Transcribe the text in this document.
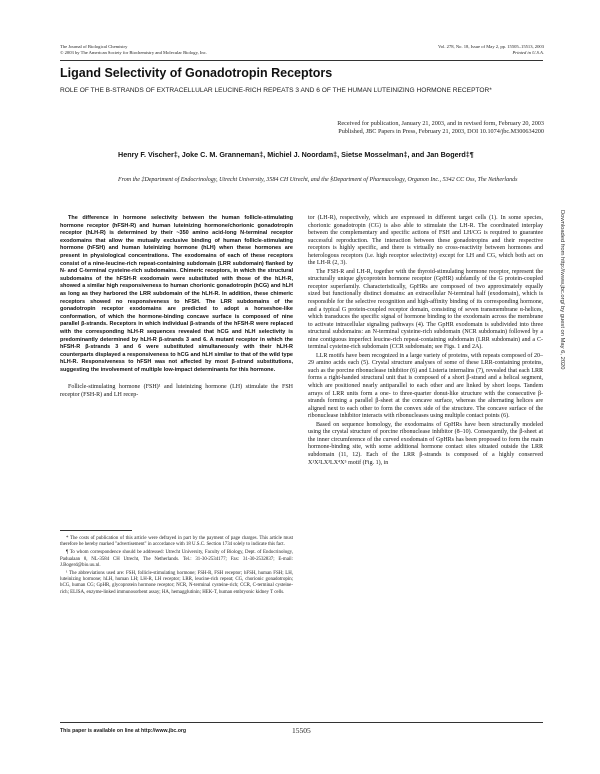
The Journal of Biological Chemistry
© 2003 by The American Society for Biochemistry and Molecular Biology, Inc.
Vol. 278, No. 18, Issue of May 2, pp. 15505–15513, 2003
Printed in U.S.A.
Ligand Selectivity of Gonadotropin Receptors
ROLE OF THE Β-STRANDS OF EXTRACELLULAR LEUCINE-RICH REPEATS 3 AND 6 OF THE HUMAN LUTEINIZING HORMONE RECEPTOR*
Received for publication, January 21, 2003, and in revised form, February 20, 2003
Published, JBC Papers in Press, February 21, 2003, DOI 10.1074/jbc.M300634200
Henry F. Vischer‡, Joke C. M. Granneman‡, Michiel J. Noordam‡, Sietse Mosselman‡, and Jan Bogerd‡¶
From the ‡Department of Endocrinology, Utrecht University, 3584 CH Utrecht, and the §Department of Pharmacology, Organon Inc., 5342 CC Oss, The Netherlands

The difference in hormone selectivity between the human follicle-stimulating hormone receptor (hFSH-R) and human luteinizing hormone/chorionic gonadotropin receptor (hLH-R) is determined by their ~350 amino acid-long N-terminal receptor exodomains that allow the mutually exclusive binding of human follicle-stimulating hormone (hFSH) and human luteinizing hormone (hLH) when these hormones are present in physiological concentrations. The exodomains of each of these receptors consist of a nine-leucine-rich repeat-containing subdomain (LRR subdomain) flanked by N- and C-terminal cysteine-rich subdomains. Chimeric receptors, in which the structural subdomains of the hFSH-R exodomain were substituted with those of the hLH-R, showed a similar high responsiveness to human chorionic gonadotropin (hCG) and hLH as long as they harbored the LRR subdomain of the hLH-R. In addition, these chimeric receptors showed no responsiveness to hFSH. The LRR subdomains of the gonadotropin receptor exodomains are predicted to adopt a horseshoe-like conformation, of which the hormone-binding concave surface is composed of nine parallel β-strands. Receptors in which individual β-strands of the hFSH-R were replaced with the corresponding hLH-R sequences revealed that hCG and hLH selectivity is predominantly determined by hLH-R β-strands 3 and 6. A mutant receptor in which the hFSH-R β-strands 3 and 6 were substituted simultaneously with their hLH-R counterparts displayed a responsiveness to hCG and hLH similar to that of the wild type hLH-R. Responsiveness to hFSH was not affected by most β-strand substitutions, suggesting the involvement of multiple low-impact determinants for this hormone.

Follicle-stimulating hormone (FSH)¹ and luteinizing hormone (LH) stimulate the FSH receptor (FSH-R) and LH recep-

* The costs of publication of this article were defrayed in part by the payment of page charges. This article must therefore be hereby marked "advertisement" in accordance with 18 U.S.C. Section 1734 solely to indicate this fact.

¶ To whom correspondence should be addressed: Utrecht University, Faculty of Biology, Dept. of Endocrinology, Padualaan 8, NL-3584 CH Utrecht, The Netherlands. Tel.: 31-30-2534177; Fax: 31-30-2532837; E-mail: J.Bogerd@bio.uu.nl.

¹ The abbreviations used are: FSH, follicle-stimulating hormone; FSH-R, FSH receptor; hFSH, human FSH; LH, luteinizing hormone; hLH, human LH; LH-R, LH receptor; LRR, leucine-rich repeat; CG, chorionic gonadotropin; hCG, human CG; GpHR, glycoprotein hormone receptor; NCR, N-terminal cysteine-rich; CCR, C-terminal cysteine-rich; ELISA, enzyme-linked immunosorbent assay; HA, hemagglutinin; HEK-T, human embryonic kidney T cells.

tor (LH-R), respectively, which are expressed in different target cells (1). In some species, chorionic gonadotropin (CG) is also able to stimulate the LH-R. The coordinated interplay between the complementary and specific actions of FSH and LH/CG is required to guarantee successful reproduction. The interaction between these gonadotropins and their respective receptors is highly specific, and there is virtually no cross-reactivity between hormones and heterologous receptors (i.e. high receptor selectivity) except for LH and CG, which both act on the LH-R (2, 3).

The FSH-R and LH-R, together with the thyroid-stimulating hormone receptor, represent the structurally unique glycoprotein hormone receptor (GpHR) subfamily of the G protein-coupled receptor superfamily. Characteristically, GpHRs are composed of two approximately equally sized but functionally distinct domains: an extracellular N-terminal half (exodomain), which is responsible for the selective recognition and high-affinity binding of its corresponding hormone, and a typical G protein-coupled receptor domain, consisting of seven transmembrane α-helices, which transduces the specific signal of hormone binding to the exodomain across the membrane to activate intracellular signaling pathways (4). The GpHR exodomain is subdivided into three structural subdomains: an N-terminal cysteine-rich subdomain (NCR subdomain) followed by a nine contiguous imperfect leucine-rich repeat-containing subdomain (LRR subdomain) and a C-terminal cysteine-rich subdomain (CCR subdomain; see Figs. 1 and 2A).

LLR motifs have been recognized in a large variety of proteins, with repeats composed of 20–29 amino acids each (5). Crystal structure analyses of some of these LRR-containing proteins, such as the porcine ribonuclease inhibitor (6) and Listeria internalins (7), revealed that each LRR forms a right-handed structural unit that is composed of a short β-strand and a helical segment, which are positioned nearly antiparallel to each other and are linked by short loops. Tandem arrays of LRR units form a one- to three-quarter donut-like structure with the consecutive β-strands forming a parallel β-sheet at the concave surface, whereas the alternating helices are aligned next to each other to form the convex side of the structure. The concave surface of the ribonuclease inhibitor interacts with ribonucleases using multiple contact points (6).

Based on sequence homology, the exodomains of GpHRs have been structurally modeled using the crystal structure of porcine ribonuclease inhibitor (8–10). Consequently, the β-sheet at the inner circumference of the curved exodomain of GpHRs has been proposed to form the main hormone-binding site, with some additional hormone contact sites situated outside the LRR subdomain (11, 12). Each of the LRR β-strands is composed of a highly conserved X¹X²LX³LX⁴X⁵ motif (Fig. 1), in

Downloaded from http://www.jbc.org/ by guest on May 6, 2020
This paper is available on line at http://www.jbc.org	15505
